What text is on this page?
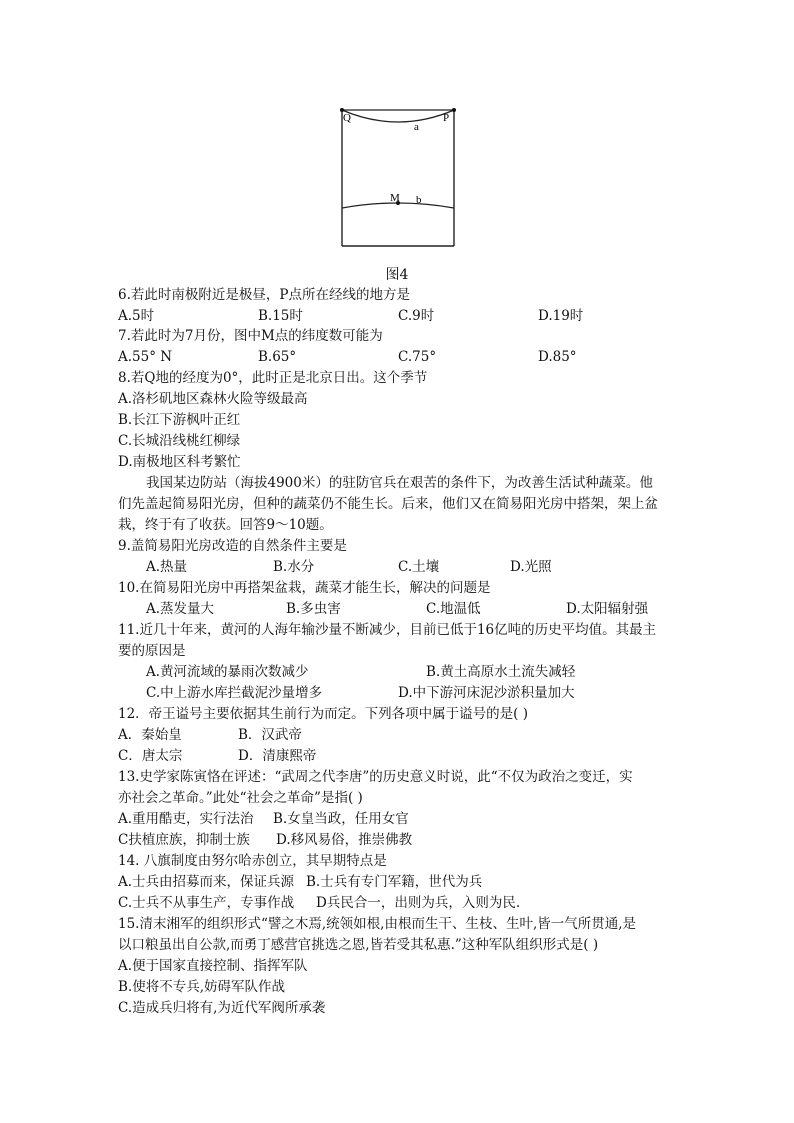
Q
a
P
M b
图4
6.若此时南极附近是极昼，P点所在经线的地方是
A.5时	B.15时	C.9时	D.19时
7.若此时为7月份，图中M点的纬度数可能为
A.55° N	B.65°	C.75°	D.85°
8.若Q地的经度为0°，此时正是北京日出。这个季节
A.洛杉矶地区森林火险等级最高
B.长江下游枫叶正红
C.长城沿线桃红柳绿
D.南极地区科考繁忙
我国某边防站（海拔4900米）的驻防官兵在艰苦的条件下，为改善生活试种蔬菜。他
们先盖起简易阳光房，但种的蔬菜仍不能生长。后来，他们又在简易阳光房中搭架，架上盆
栽，终于有了收获。回答9～10题。
9.盖简易阳光房改造的自然条件主要是
A.热量	B.水分	C.土壤	D.光照
10.在简易阳光房中再搭架盆栽，蔬菜才能生长，解决的问题是
A.蒸发量大	B.多虫害	C.地温低	D.太阳辐射强
11.近几十年来，黄河的人海年输沙量不断减少，目前已低于16亿吨的历史平均值。其最主
要的原因是
A.黄河流域的暴雨次数减少	B.黄土高原水土流失减轻
C.中上游水库拦截泥沙量增多	D.中下游河床泥沙淤积量加大
12．帝王谥号主要依据其生前行为而定。下列各项中属于谥号的是( )
A．秦始皇	B．汉武帝
C．唐太宗	D．清康熙帝
13.史学家陈寅恪在评述：“武周之代李唐”的历史意义时说，此“不仅为政治之变迁，实
亦社会之革命。”此处“社会之革命”是指( )
A.重用酷吏，实行法治 B.女皇当政，任用女官
C扶植庶族，抑制士族 D.移风易俗，推崇佛教
14. 八旗制度由努尔哈赤创立，其早期特点是
A.士兵由招募而来，保证兵源 B.士兵有专门军籍，世代为兵
C.士兵不从事生产，专事作战 D兵民合一，出则为兵，入则为民.
15.清末湘军的组织形式“譬之木焉,统领如根,由根而生干、生枝、生叶,皆一气所贯通,是
以口粮虽出自公款,而勇丁感营官挑选之恩,皆若受其私惠.”这种军队组织形式是( )
A.便于国家直接控制、指挥军队
B.使将不专兵,妨碍军队作战
C.造成兵归将有,为近代军阀所承袭
